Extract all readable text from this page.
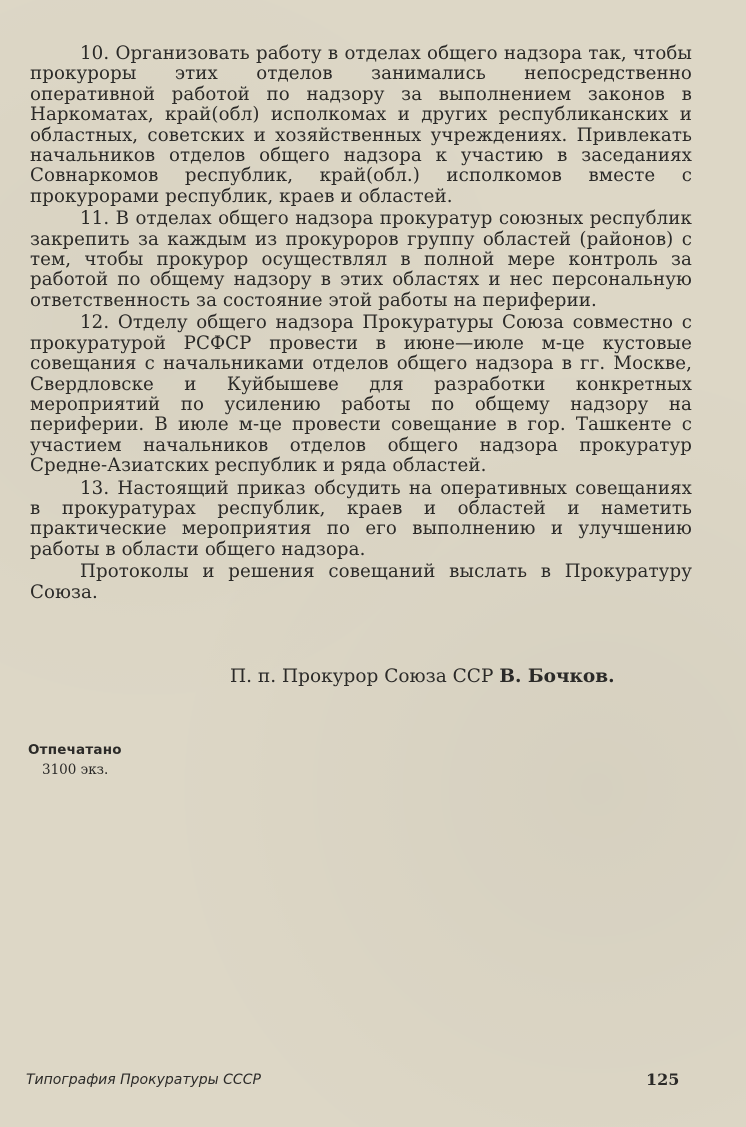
10. Организовать работу в отделах общего надзора так, чтобы прокуроры этих отделов занимались непосредственно оперативной работой по надзору за выполнением законов в Наркоматах, край(обл) исполкомах и других республиканских и областных, советских и хозяйственных учреждениях. Привлекать начальников отделов общего надзора к участию в заседаниях Совнаркомов республик, край(обл.) исполкомов вместе с прокурорами республик, краев и областей.

11. В отделах общего надзора прокуратур союзных республик закрепить за каждым из прокуроров группу областей (районов) с тем, чтобы прокурор осуществлял в полной мере контроль за работой по общему надзору в этих областях и нес персональную ответственность за состояние этой работы на периферии.

12. Отделу общего надзора Прокуратуры Союза совместно с прокуратурой РСФСР провести в июне—июле м-це кустовые совещания с начальниками отделов общего надзора в гг. Москве, Свердловске и Куйбышеве для разработки конкретных мероприятий по усилению работы по общему надзору на периферии. В июле м-це провести совещание в гор. Ташкенте с участием начальников отделов общего надзора прокуратур Средне-Азиатских республик и ряда областей.

13. Настоящий приказ обсудить на оперативных совещаниях в прокуратурах республик, краев и областей и наметить практические мероприятия по его выполнению и улучшению работы в области общего надзора.

Протоколы и решения совещаний выслать в Прокуратуру Союза.

П. п. Прокурор Союза ССР В. Бочков.
Отпечатано
3100 экз.
Типография Прокуратуры СССР	125
